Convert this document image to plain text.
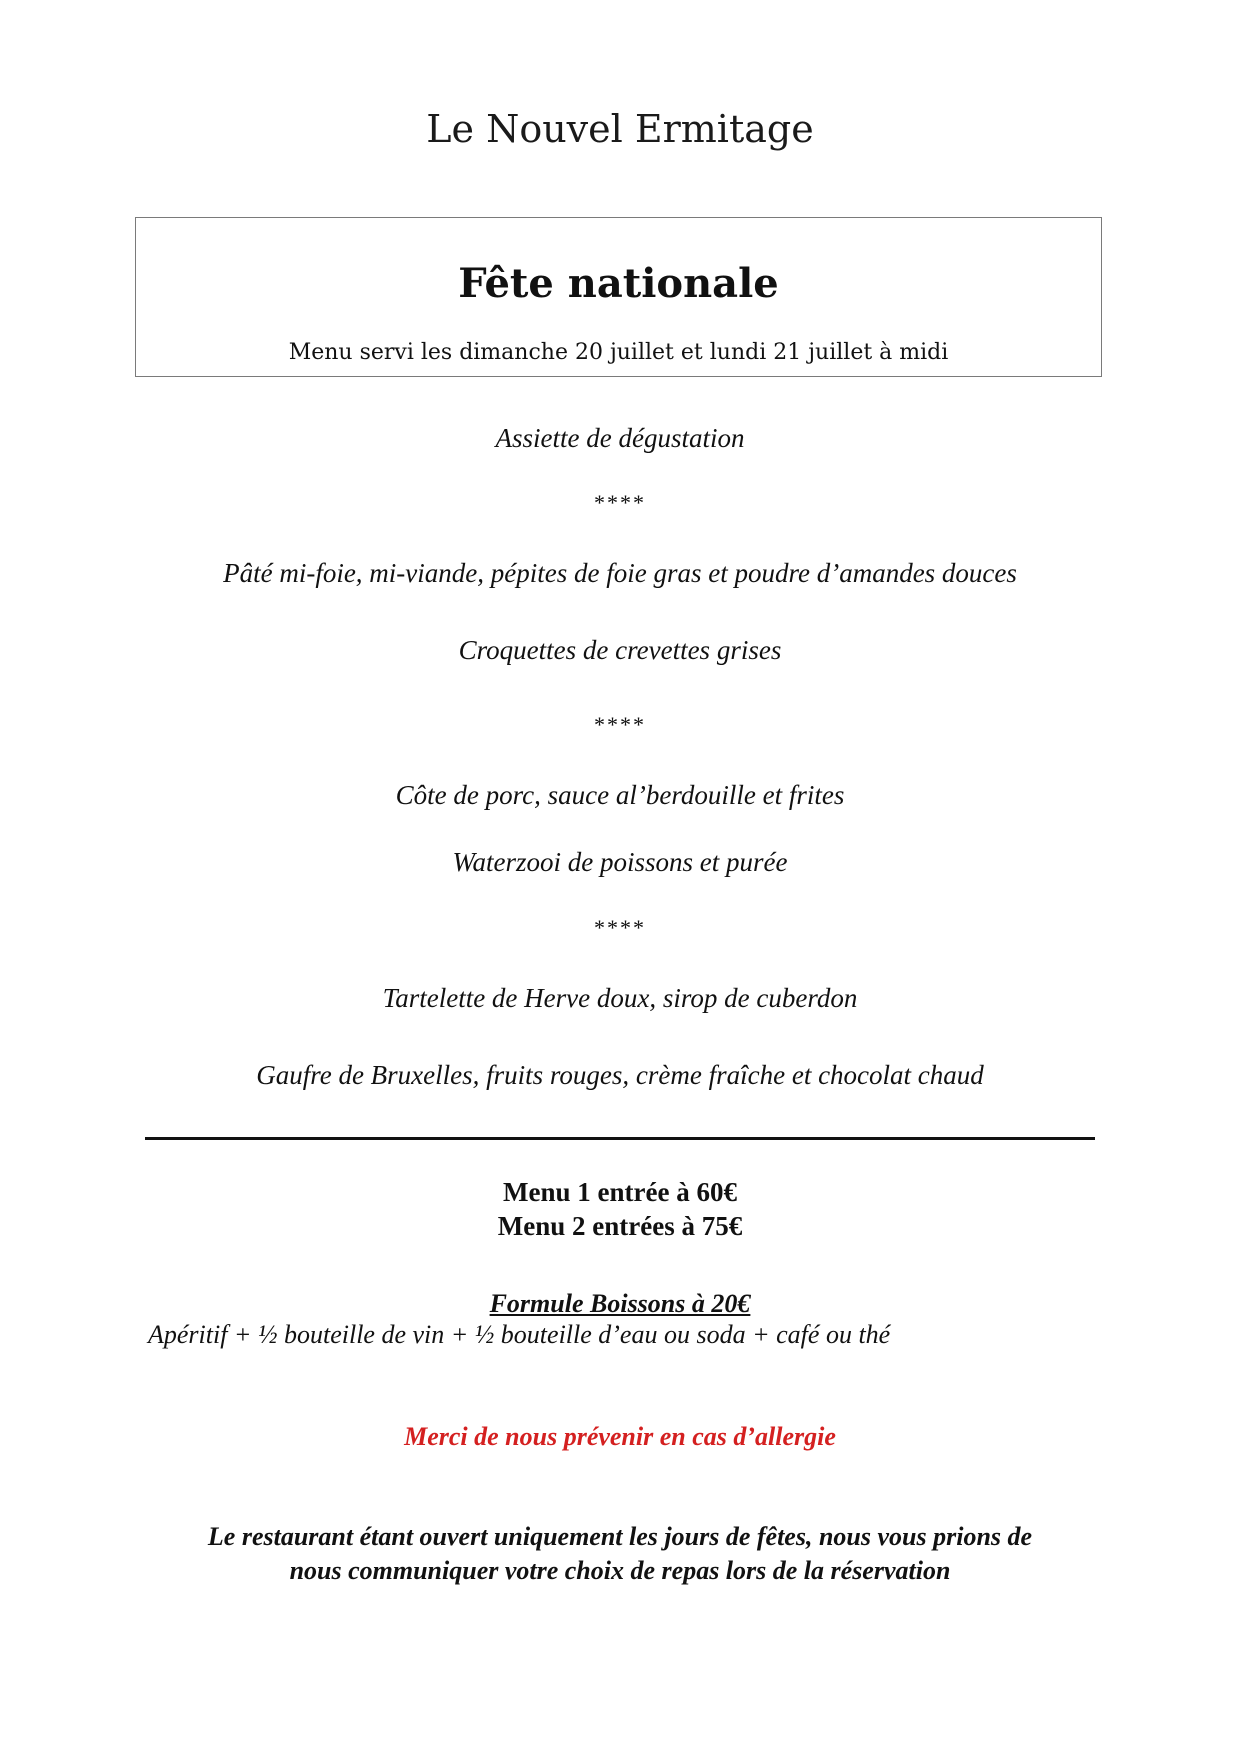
Le Nouvel Ermitage
Fête nationale
Menu servi les dimanche 20 juillet et lundi 21 juillet à midi
Assiette de dégustation
****
Pâté mi-foie, mi-viande, pépites de foie gras et poudre d’amandes douces
Croquettes de crevettes grises
****
Côte de porc, sauce al’berdouille et frites
Waterzooi de poissons et purée
****
Tartelette de Herve doux, sirop de cuberdon
Gaufre de Bruxelles, fruits rouges, crème fraîche et chocolat chaud
Menu 1 entrée à 60€
Menu 2 entrées à 75€
Formule Boissons à 20€
Apéritif + ½ bouteille de vin + ½ bouteille d’eau ou soda + café ou thé
Merci de nous prévenir en cas d’allergie
Le restaurant étant ouvert uniquement les jours de fêtes, nous vous prions de
nous communiquer votre choix de repas lors de la réservation
